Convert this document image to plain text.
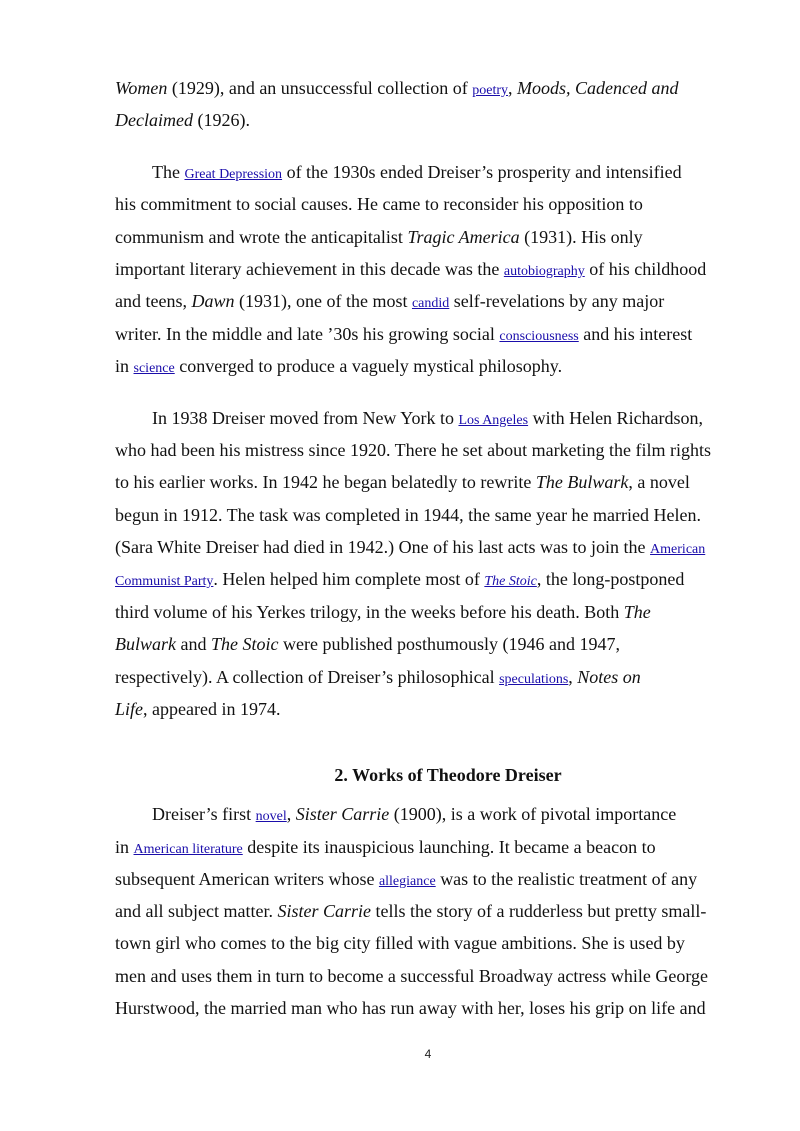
Women (1929), and an unsuccessful collection of poetry, Moods, Cadenced and
Declaimed (1926).
The Great Depression of the 1930s ended Dreiser’s prosperity and intensified
his commitment to social causes. He came to reconsider his opposition to
communism and wrote the anticapitalist Tragic America (1931). His only
important literary achievement in this decade was the autobiography of his childhood
and teens, Dawn (1931), one of the most candid self-revelations by any major
writer. In the middle and late ’30s his growing social consciousness and his interest
in science converged to produce a vaguely mystical philosophy.
In 1938 Dreiser moved from New York to Los Angeles with Helen Richardson,
who had been his mistress since 1920. There he set about marketing the film rights
to his earlier works. In 1942 he began belatedly to rewrite The Bulwark, a novel
begun in 1912. The task was completed in 1944, the same year he married Helen.
(Sara White Dreiser had died in 1942.) One of his last acts was to join the American
Communist Party. Helen helped him complete most of The Stoic, the long-postponed
third volume of his Yerkes trilogy, in the weeks before his death. Both The
Bulwark and The Stoic were published posthumously (1946 and 1947,
respectively). A collection of Dreiser’s philosophical speculations, Notes on
Life, appeared in 1974.
2. Works of Theodore Dreiser
Dreiser’s first novel, Sister Carrie (1900), is a work of pivotal importance
in American literature despite its inauspicious launching. It became a beacon to
subsequent American writers whose allegiance was to the realistic treatment of any
and all subject matter. Sister Carrie tells the story of a rudderless but pretty small-
town girl who comes to the big city filled with vague ambitions. She is used by
men and uses them in turn to become a successful Broadway actress while George
Hurstwood, the married man who has run away with her, loses his grip on life and
4
